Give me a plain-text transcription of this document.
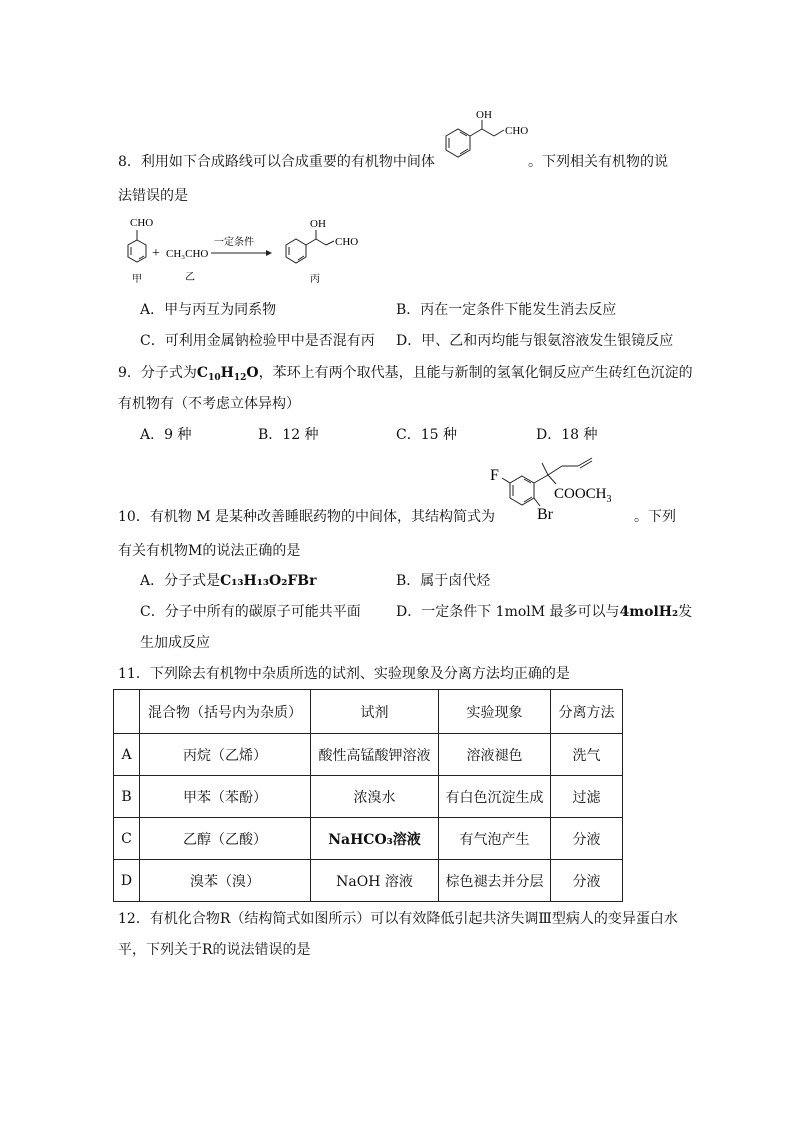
OH
CHO
8．利用如下合成路线可以合成重要的有机物中间体	。下列相关有机物的说
法错误的是
CHO
甲
+ CH₃CHO
乙
一定条件
OH
CHO
丙
A．甲与丙互为同系物	B．丙在一定条件下能发生消去反应
C．可利用金属钠检验甲中是否混有丙 D．甲、乙和丙均能与银氨溶液发生银镜反应
9．分子式为$C_{10}H_{12}O$，苯环上有两个取代基，且能与新制的氢氧化铜反应产生砖红色沉淀的
有机物有（不考虑立体异构）
A．9 种	B．12 种	C．15 种	D．18 种
F
Br
$COOCH_3$
10．有机物 M 是某种改善睡眠药物的中间体，其结构简式为	。下列
有关有机物M的说法正确的是
A．分子式是C₁₃H₁₃O₂FBr	B．属于卤代烃
C．分子中所有的碳原子可能共平面	D．一定条件下 1molM 最多可以与4molH₂发
生加成反应
11．下列除去有机物中杂质所选的试剂、实验现象及分离方法均正确的是
	混合物（括号内为杂质）	试剂	实验现象	分离方法
A	丙烷（乙烯）	酸性高锰酸钾溶液	溶液褪色	洗气
B	甲苯（苯酚）	浓溴水	有白色沉淀生成	过滤
C	乙醇（乙酸）	NaHCO₃溶液	有气泡产生	分液
D	溴苯（溴）	NaOH 溶液	棕色褪去并分层	分液
12．有机化合物R（结构简式如图所示）可以有效降低引起共济失调Ⅲ型病人的变异蛋白水
平，下列关于R的说法错误的是
